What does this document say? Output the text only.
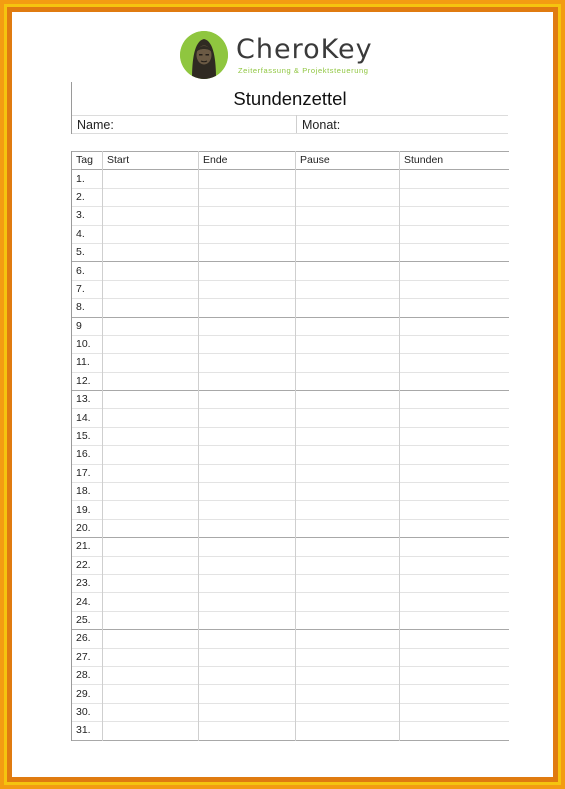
CheroKey
Zeiterfassung & Projektsteuerung
Stundenzettel
Name:	Monat:
Tag	Start	Ende	Pause	Stunden
1.				
2.				
3.				
4.				
5.				
6.				
7.				
8.				
9				
10.				
11.				
12.				
13.				
14.				
15.				
16.				
17.				
18.				
19.				
20.				
21.				
22.				
23.				
24.				
25.				
26.				
27.				
28.				
29.				
30.				
31.				
